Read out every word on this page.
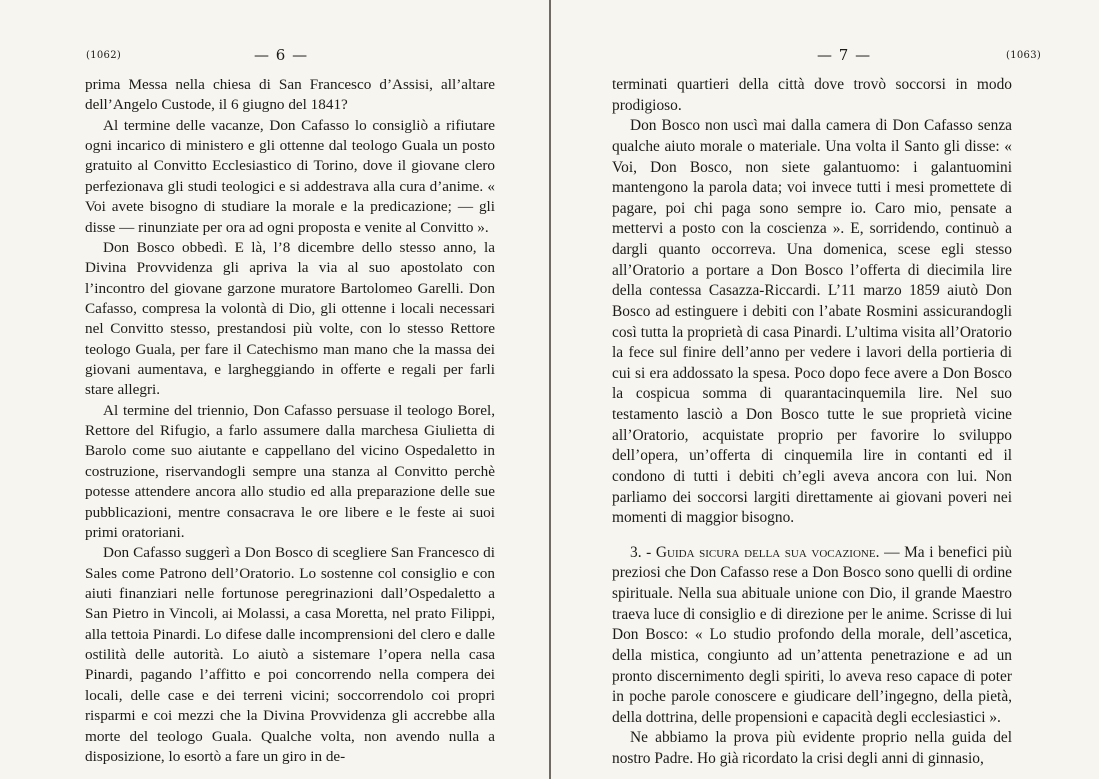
(1062)	— 6 —

prima Messa nella chiesa di San Francesco d’Assisi, all’altare dell’Angelo Custode, il 6 giugno del 1841?

Al termine delle vacanze, Don Cafasso lo consigliò a rifiutare ogni incarico di ministero e gli ottenne dal teologo Guala un posto gratuito al Convitto Ecclesiastico di Torino, dove il giovane clero perfezionava gli studi teologici e si addestrava alla cura d’anime. « Voi avete bisogno di studiare la morale e la predicazione; — gli disse — rinunziate per ora ad ogni proposta e venite al Convitto ».

Don Bosco obbedì. E là, l’8 dicembre dello stesso anno, la Divina Provvidenza gli apriva la via al suo apostolato con l’incontro del giovane garzone muratore Bartolomeo Garelli. Don Cafasso, compresa la volontà di Dio, gli ottenne i locali necessari nel Convitto stesso, prestandosi più volte, con lo stesso Rettore teologo Guala, per fare il Catechismo man mano che la massa dei giovani aumentava, e largheggiando in offerte e regali per farli stare allegri.

Al termine del triennio, Don Cafasso persuase il teologo Borel, Rettore del Rifugio, a farlo assumere dalla marchesa Giulietta di Barolo come suo aiutante e cappellano del vicino Ospedaletto in costruzione, riservandogli sempre una stanza al Convitto perchè potesse attendere ancora allo studio ed alla preparazione delle sue pubblicazioni, mentre consacrava le ore libere e le feste ai suoi primi oratoriani.

Don Cafasso suggerì a Don Bosco di scegliere San Francesco di Sales come Patrono dell’Oratorio. Lo sostenne col consiglio e con aiuti finanziari nelle fortunose peregrinazioni dall’Ospedaletto a San Pietro in Vincoli, ai Molassi, a casa Moretta, nel prato Filippi, alla tettoia Pinardi. Lo difese dalle incomprensioni del clero e dalle ostilità delle autorità. Lo aiutò a sistemare l’opera nella casa Pinardi, pagando l’affitto e poi concorrendo nella compera dei locali, delle case e dei terreni vicini; soccorrendolo coi propri risparmi e coi mezzi che la Divina Provvidenza gli accrebbe alla morte del teologo Guala. Qualche volta, non avendo nulla a disposizione, lo esortò a fare un giro in de-

— 7 —	(1063)

terminati quartieri della città dove trovò soccorsi in modo prodigioso.

Don Bosco non uscì mai dalla camera di Don Cafasso senza qualche aiuto morale o materiale. Una volta il Santo gli disse: « Voi, Don Bosco, non siete galantuomo: i galantuomini mantengono la parola data; voi invece tutti i mesi promettete di pagare, poi chi paga sono sempre io. Caro mio, pensate a mettervi a posto con la coscienza ». E, sorridendo, continuò a dargli quanto occorreva. Una domenica, scese egli stesso all’Oratorio a portare a Don Bosco l’offerta di diecimila lire della contessa Casazza-Riccardi. L’11 marzo 1859 aiutò Don Bosco ad estinguere i debiti con l’abate Rosmini assicurandogli così tutta la proprietà di casa Pinardi. L’ultima visita all’Oratorio la fece sul finire dell’anno per vedere i lavori della portieria di cui si era addossato la spesa. Poco dopo fece avere a Don Bosco la cospicua somma di quarantacinquemila lire. Nel suo testamento lasciò a Don Bosco tutte le sue proprietà vicine all’Oratorio, acquistate proprio per favorire lo sviluppo dell’opera, un’offerta di cinquemila lire in contanti ed il condono di tutti i debiti ch’egli aveva ancora con lui. Non parliamo dei soccorsi largiti direttamente ai giovani poveri nei momenti di maggior bisogno.

3. - Guida sicura della sua vocazione. — Ma i benefici più preziosi che Don Cafasso rese a Don Bosco sono quelli di ordine spirituale. Nella sua abituale unione con Dio, il grande Maestro traeva luce di consiglio e di direzione per le anime. Scrisse di lui Don Bosco: « Lo studio profondo della morale, dell’ascetica, della mistica, congiunto ad un’attenta penetrazione e ad un pronto discernimento degli spiriti, lo aveva reso capace di poter in poche parole conoscere e giudicare dell’ingegno, della pietà, della dottrina, delle propensioni e capacità degli ecclesiastici ».

Ne abbiamo la prova più evidente proprio nella guida del nostro Padre. Ho già ricordato la crisi degli anni di ginnasio,
